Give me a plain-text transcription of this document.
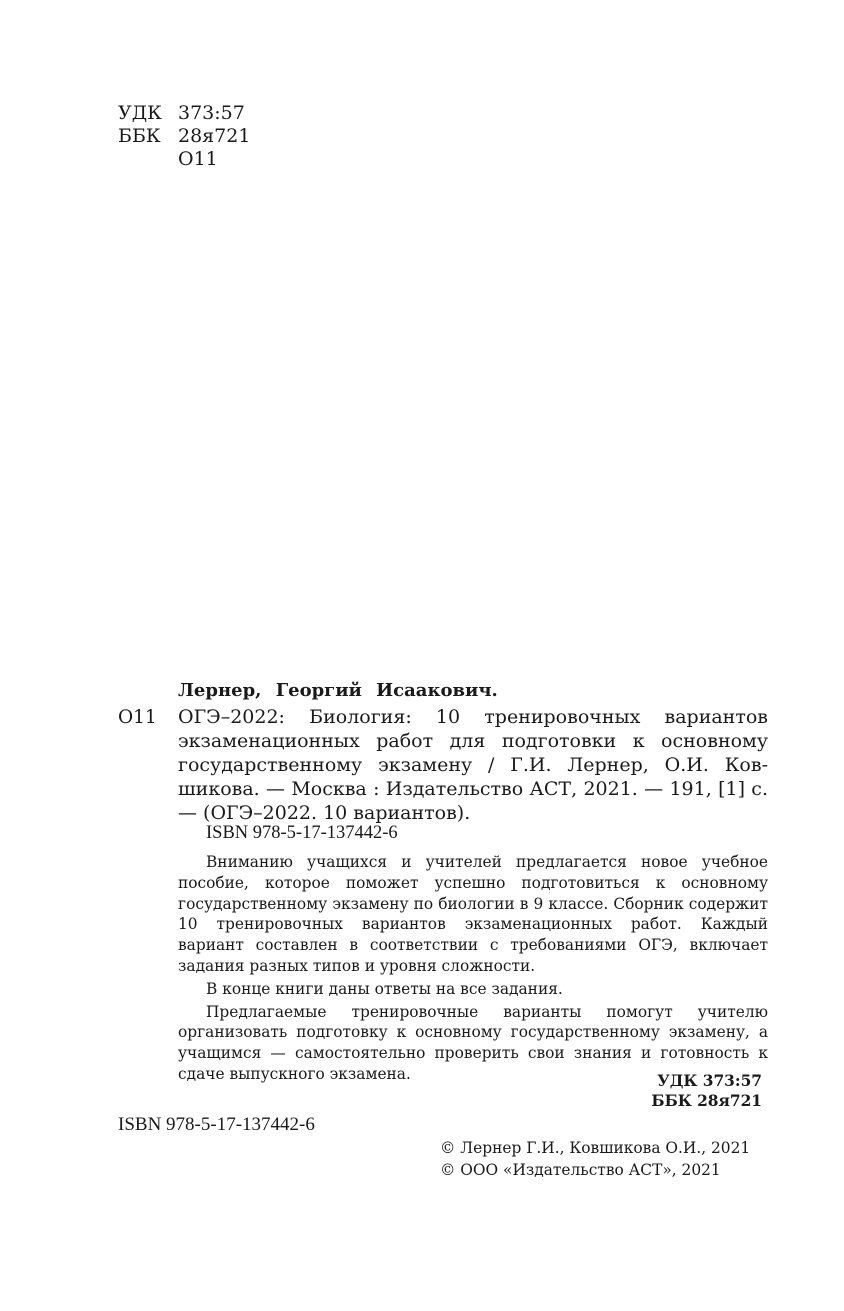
УДК 373:57
ББК 28я721
О11
Лернер, Георгий Исаакович.
О11 ОГЭ–2022: Биология: 10 тренировочных вариантов экзаменационных работ для подготовки к основному государственному экзамену / Г.И. Лернер, О.И. Ковшикова. — Москва : Издательство АСТ, 2021. — 191, [1] с. — (ОГЭ–2022. 10 вариантов).
ISBN 978-5-17-137442-6

Вниманию учащихся и учителей предлагается новое учебное пособие, которое поможет успешно подготовиться к основному государственному экзамену по биологии в 9 классе. Сборник содержит 10 тренировочных вариантов экзаменационных работ. Каждый вариант составлен в соответствии с требованиями ОГЭ, включает задания разных типов и уровня сложности.

В конце книги даны ответы на все задания.

Предлагаемые тренировочные варианты помогут учителю организовать подготовку к основному государственному экзамену, а учащимся — самостоятельно проверить свои знания и готовность к сдаче выпускного экзамена.	УДК 373:57
ББК 28я721
ISBN 978-5-17-137442-6
© Лернер Г.И., Ковшикова О.И., 2021
© ООО «Издательство АСТ», 2021
